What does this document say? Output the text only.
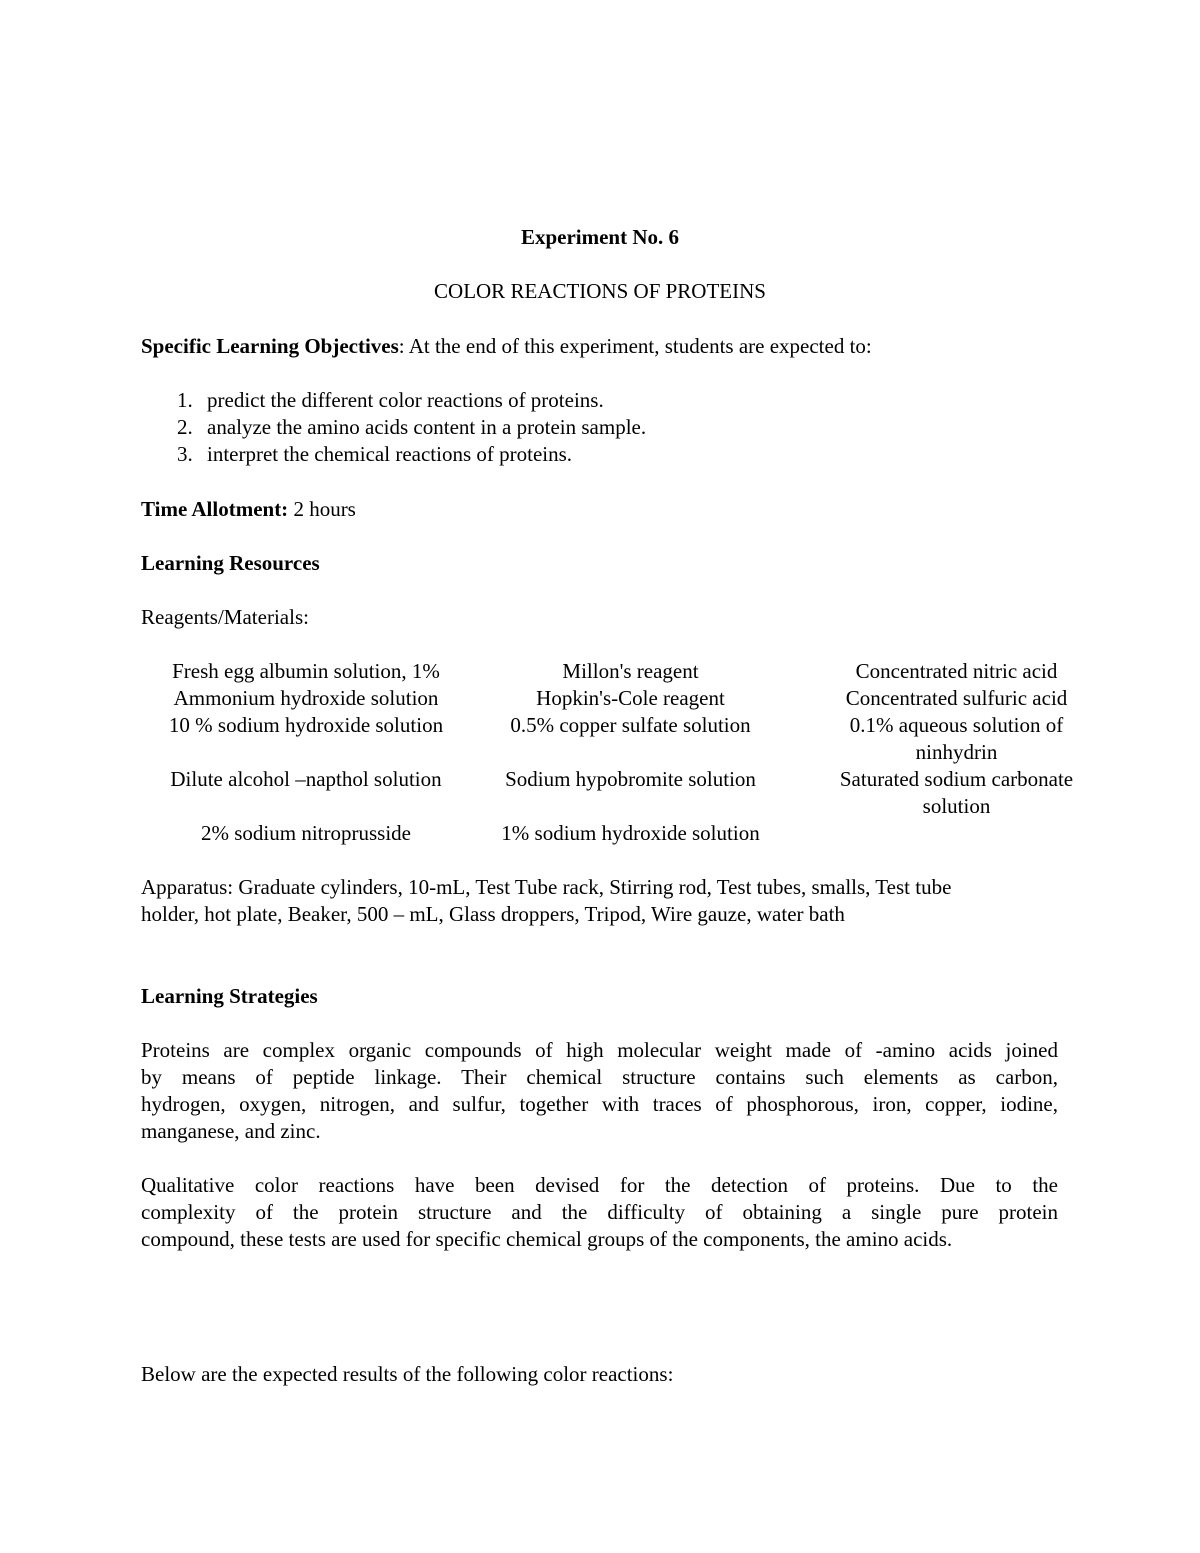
Experiment No. 6
COLOR REACTIONS OF PROTEINS
Specific Learning Objectives: At the end of this experiment, students are expected to:
1. predict the different color reactions of proteins.
2. analyze the amino acids content in a protein sample.
3. interpret the chemical reactions of proteins.
Time Allotment: 2 hours
Learning Resources
Reagents/Materials:
Fresh egg albumin solution, 1%	Millon's reagent	Concentrated nitric acid
Ammonium hydroxide solution	Hopkin's-Cole reagent	Concentrated sulfuric acid
10 % sodium hydroxide solution	0.5% copper sulfate solution	0.1% aqueous solution of
ninhydrin
Dilute alcohol –napthol solution	Sodium hypobromite solution	Saturated sodium carbonate
solution
2% sodium nitroprusside	1% sodium hydroxide solution
Apparatus: Graduate cylinders, 10-mL, Test Tube rack, Stirring rod, Test tubes, smalls, Test tube
holder, hot plate, Beaker, 500 – mL, Glass droppers, Tripod, Wire gauze, water bath
Learning Strategies
Proteins are complex organic compounds of high molecular weight made of -amino acids joined
by means of peptide linkage. Their chemical structure contains such elements as carbon,
hydrogen, oxygen, nitrogen, and sulfur, together with traces of phosphorous, iron, copper, iodine,
manganese, and zinc.
Qualitative color reactions have been devised for the detection of proteins. Due to the
complexity of the protein structure and the difficulty of obtaining a single pure protein
compound, these tests are used for specific chemical groups of the components, the amino acids.
Below are the expected results of the following color reactions:
